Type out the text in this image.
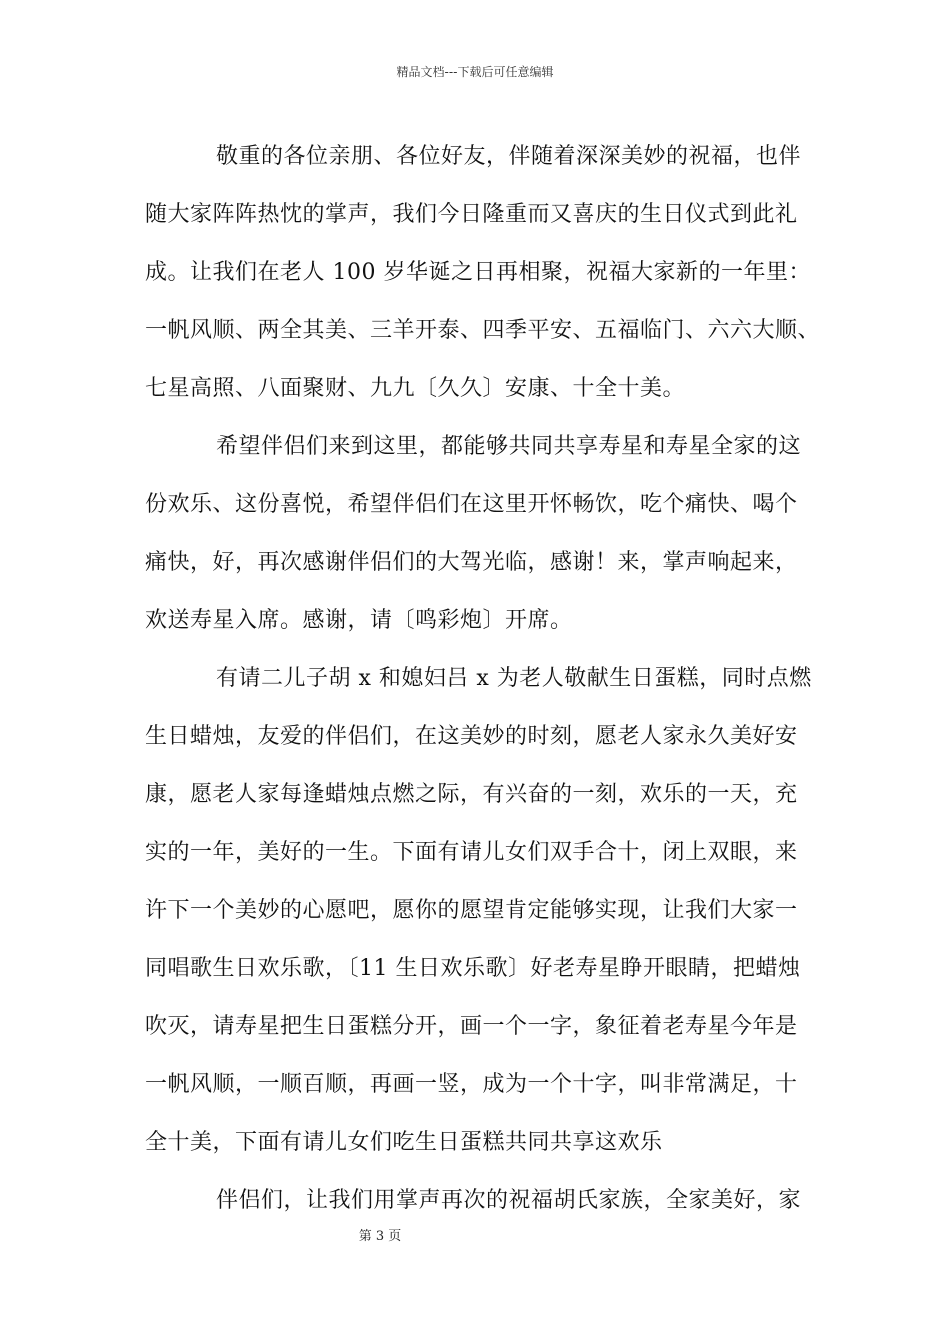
精品文档---下载后可任意编辑
敬重的各位亲朋、各位好友，伴随着深深美妙的祝福，也伴
随大家阵阵热忱的掌声，我们今日隆重而又喜庆的生日仪式到此礼
成。让我们在老人 100 岁华诞之日再相聚，祝福大家新的一年里：
一帆风顺、两全其美、三羊开泰、四季平安、五福临门、六六大顺、
七星高照、八面聚财、九九〔久久〕安康、十全十美。
希望伴侣们来到这里，都能够共同共享寿星和寿星全家的这
份欢乐、这份喜悦，希望伴侣们在这里开怀畅饮，吃个痛快、喝个
痛快，好，再次感谢伴侣们的大驾光临，感谢！来，掌声响起来，
欢送寿星入席。感谢，请〔鸣彩炮〕开席。
有请二儿子胡 x 和媳妇吕 x 为老人敬献生日蛋糕，同时点燃
生日蜡烛，友爱的伴侣们，在这美妙的时刻，愿老人家永久美好安
康，愿老人家每逢蜡烛点燃之际，有兴奋的一刻，欢乐的一天，充
实的一年，美好的一生。下面有请儿女们双手合十，闭上双眼，来
许下一个美妙的心愿吧，愿你的愿望肯定能够实现，让我们大家一
同唱歌生日欢乐歌，〔11 生日欢乐歌〕好老寿星睁开眼睛，把蜡烛
吹灭，请寿星把生日蛋糕分开，画一个一字，象征着老寿星今年是
一帆风顺，一顺百顺，再画一竖，成为一个十字，叫非常满足，十
全十美，下面有请儿女们吃生日蛋糕共同共享这欢乐
伴侣们，让我们用掌声再次的祝福胡氏家族，全家美好，家
第 3 页
